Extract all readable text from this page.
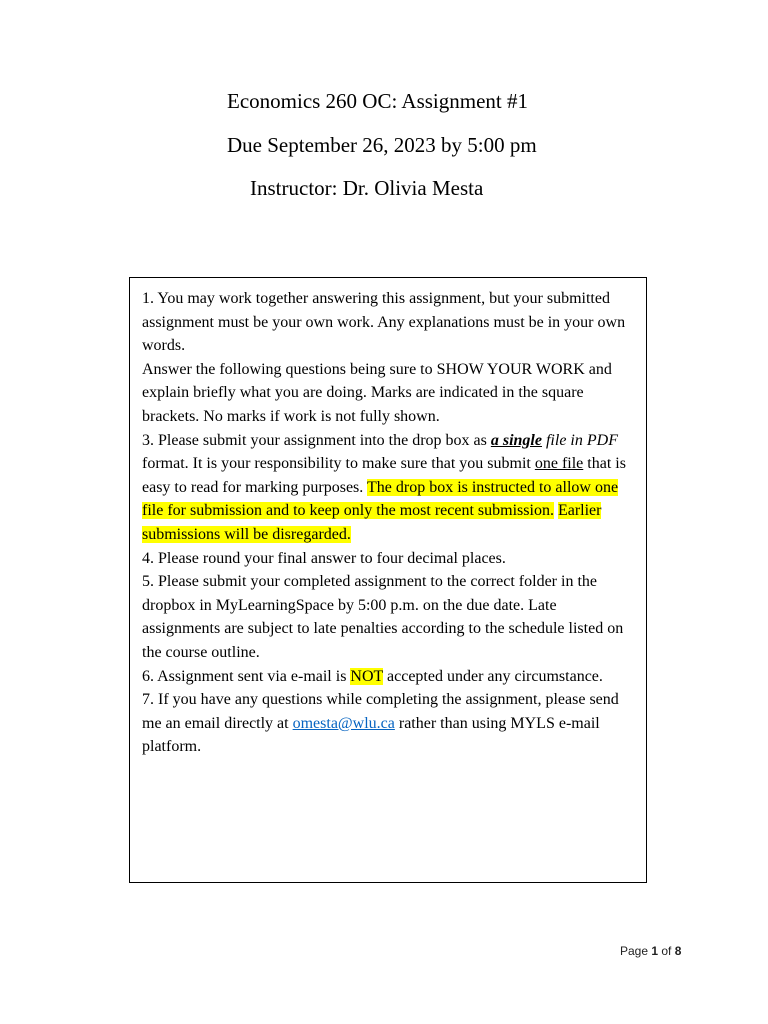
Economics 260 OC: Assignment #1
Due September 26, 2023 by 5:00 pm
Instructor: Dr. Olivia Mesta

1. You may work together answering this assignment, but your submitted assignment must be your own work. Any explanations must be in your own words.

Answer the following questions being sure to SHOW YOUR WORK and explain briefly what you are doing. Marks are indicated in the square brackets. No marks if work is not fully shown.

3. Please submit your assignment into the drop box as a single file in PDF format. It is your responsibility to make sure that you submit one file that is easy to read for marking purposes. The drop box is instructed to allow one file for submission and to keep only the most recent submission. Earlier submissions will be disregarded.

4. Please round your final answer to four decimal places.

5. Please submit your completed assignment to the correct folder in the dropbox in MyLearningSpace by 5:00 p.m. on the due date. Late assignments are subject to late penalties according to the schedule listed on the course outline.

6. Assignment sent via e-mail is NOT accepted under any circumstance.

7. If you have any questions while completing the assignment, please send me an email directly at omesta@wlu.ca rather than using MYLS e-mail platform.

Page 1 of 8
